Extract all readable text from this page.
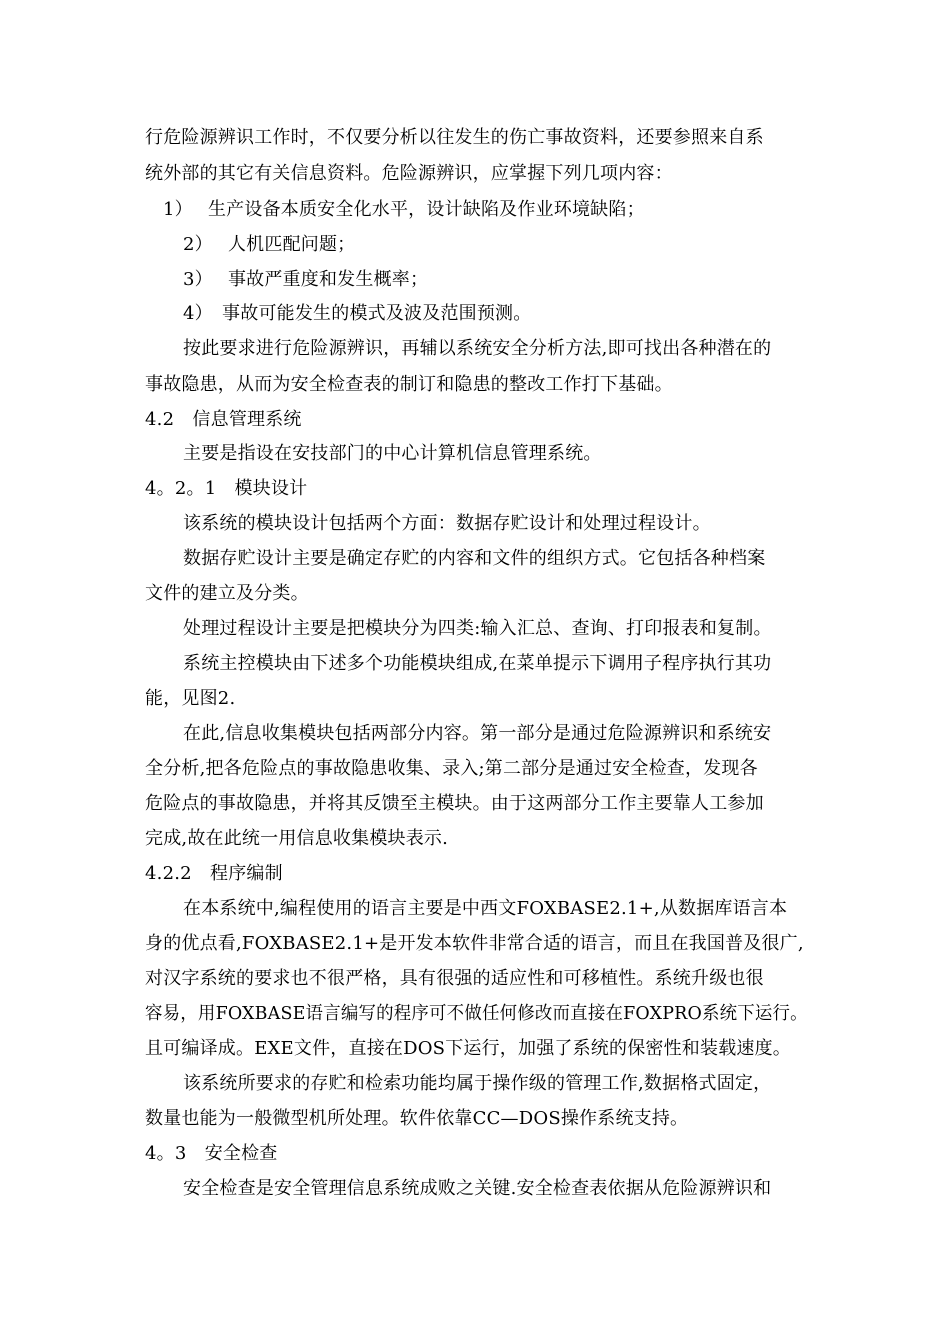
行危险源辨识工作时，不仅要分析以往发生的伤亡事故资料，还要参照来自系
统外部的其它有关信息资料。危险源辨识，应掌握下列几项内容：
1）　 生产设备本质安全化水平，设计缺陷及作业环境缺陷；
2）　 人机匹配问题；
3）　 事故严重度和发生概率；
4）　事故可能发生的模式及波及范围预测。
按此要求进行危险源辨识，再辅以系统安全分析方法,即可找出各种潜在的
事故隐患，从而为安全检查表的制订和隐患的整改工作打下基础。
4.2　信息管理系统
主要是指设在安技部门的中心计算机信息管理系统。
4。2。1　模块设计
该系统的模块设计包括两个方面：数据存贮设计和处理过程设计。
数据存贮设计主要是确定存贮的内容和文件的组织方式。它包括各种档案
文件的建立及分类。
处理过程设计主要是把模块分为四类:输入汇总、查询、打印报表和复制。
系统主控模块由下述多个功能模块组成,在菜单提示下调用子程序执行其功
能，见图2.
在此,信息收集模块包括两部分内容。第一部分是通过危险源辨识和系统安
全分析,把各危险点的事故隐患收集、录入;第二部分是通过安全检查，发现各
危险点的事故隐患，并将其反馈至主模块。由于这两部分工作主要靠人工参加
完成,故在此统一用信息收集模块表示.
4.2.2　程序编制
在本系统中,编程使用的语言主要是中西文FOXBASE2.1+,从数据库语言本
身的优点看,FOXBASE2.1+是开发本软件非常合适的语言，而且在我国普及很广,
对汉字系统的要求也不很严格，具有很强的适应性和可移植性。系统升级也很
容易，用FOXBASE语言编写的程序可不做任何修改而直接在FOXPRO系统下运行。
且可编译成。EXE文件，直接在DOS下运行，加强了系统的保密性和装载速度。
该系统所要求的存贮和检索功能均属于操作级的管理工作,数据格式固定，
数量也能为一般微型机所处理。软件依靠CC—DOS操作系统支持。
4。3　安全检查
安全检查是安全管理信息系统成败之关键.安全检查表依据从危险源辨识和
